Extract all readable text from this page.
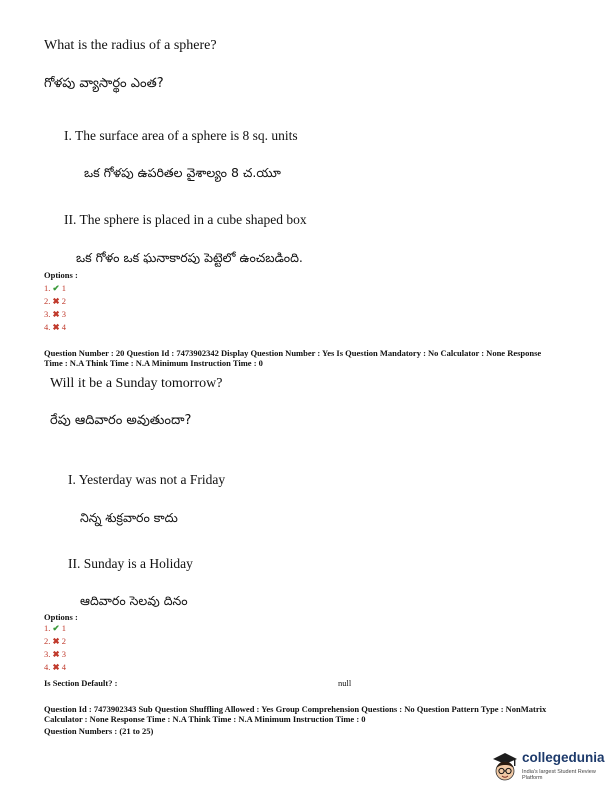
What is the radius of a sphere?
గోళపు వ్యాసార్థం ఎంత?
I. The surface area of a sphere is 8 sq. units
ఒక గోళపు ఉపరితల వైశాల్యం 8 చ.యూ
II. The sphere is placed in a cube shaped box
ఒక గోళం ఒక ఘనాకారపు పెట్టెలో ఉంచబడింది.
Options :
1. ✔ 1
2. ✖ 2
3. ✖ 3
4. ✖ 4
Question Number : 20 Question Id : 7473902342 Display Question Number : Yes Is Question Mandatory : No Calculator : None Response
Time : N.A Think Time : N.A Minimum Instruction Time : 0
Will it be a Sunday tomorrow?
రేపు ఆదివారం అవుతుందా?
I. Yesterday was not a Friday
నిన్న శుక్రవారం కాదు
II. Sunday is a Holiday
ఆదివారం సెలవు దినం
Options :
1. ✔ 1
2. ✖ 2
3. ✖ 3
4. ✖ 4
Is Section Default? :	null
Question Id : 7473902343 Sub Question Shuffling Allowed : Yes Group Comprehension Questions : No Question Pattern Type : NonMatrix
Calculator : None Response Time : N.A Think Time : N.A Minimum Instruction Time : 0
Question Numbers : (21 to 25)
collegedunia
India's largest Student Review Platform
